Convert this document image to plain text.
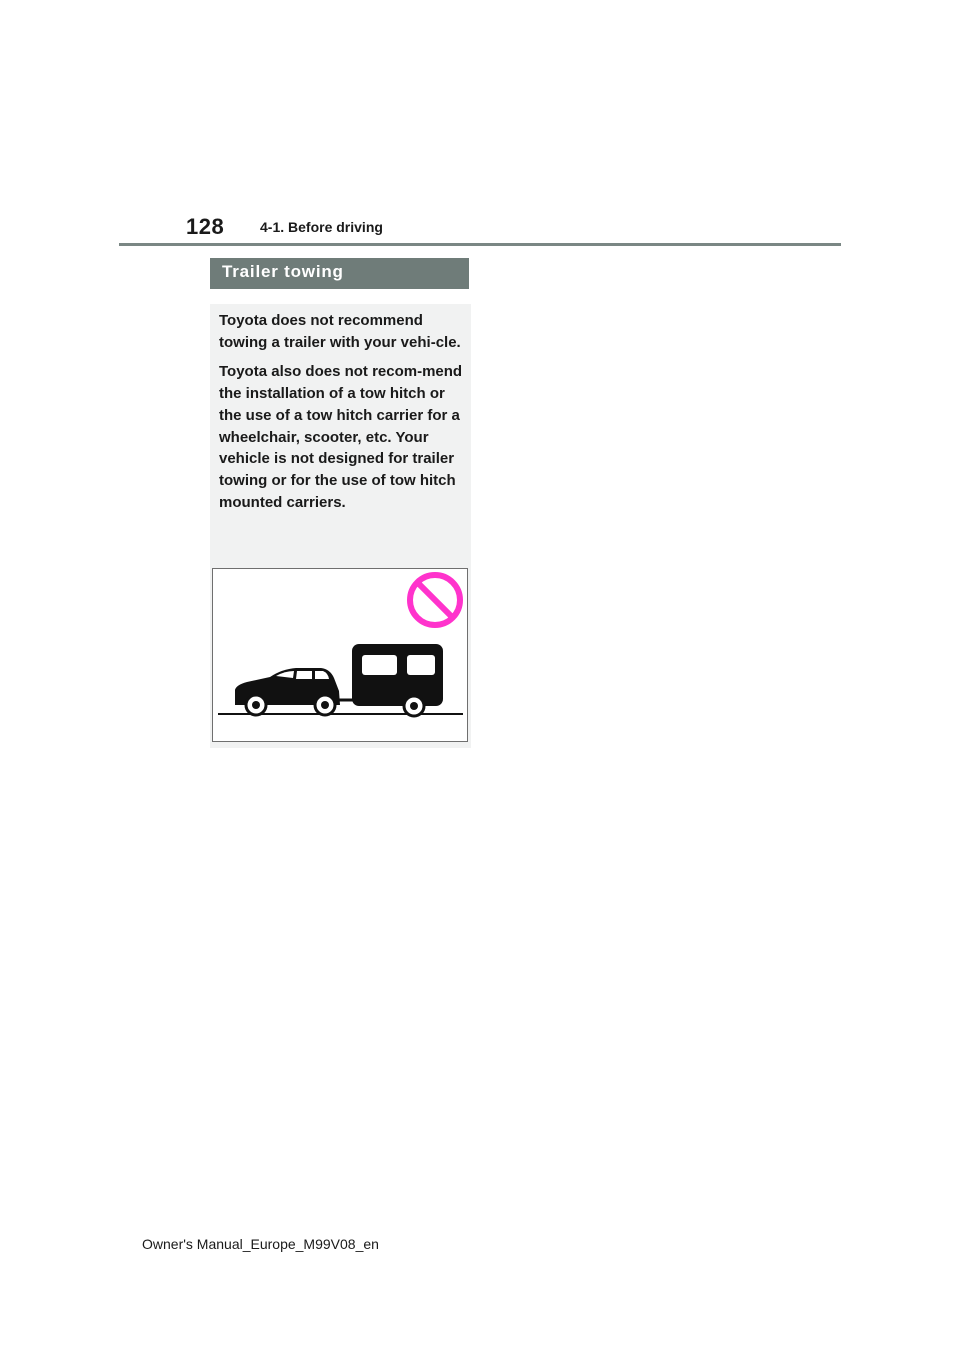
128	4-1. Before driving
Trailer towing

Toyota does not recommend towing a trailer with your vehi-cle.

Toyota also does not recom-mend the installation of a tow hitch or the use of a tow hitch carrier for a wheelchair, scooter, etc. Your vehicle is not designed for trailer towing or for the use of tow hitch mounted carriers.

Owner's Manual_Europe_M99V08_en
